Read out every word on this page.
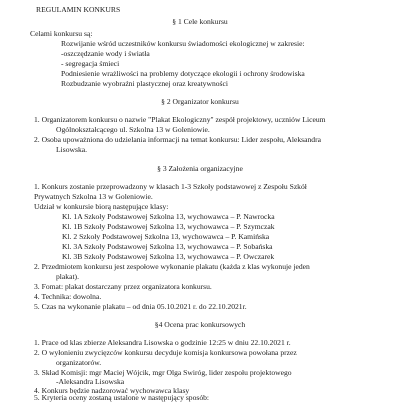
REGULAMIN KONKURS
§ 1 Cele konkursu
Celami konkursu są:
Rozwijanie wśród uczestników konkursu świadomości ekologicznej w zakresie:
-oszczędzanie wody i światła
- segregacja śmieci
Podniesienie wrażliwości na problemy dotyczące ekologii i ochrony środowiska
Rozbudzanie wyobraźni plastycznej oraz kreatywności
§ 2 Organizator konkursu
1. Organizatorem konkursu o nazwie "Plakat Ekologiczny" zespół projektowy, uczniów Liceum
Ogólnokształcącego ul. Szkolna 13 w Goleniowie.
2. Osoba upoważniona do udzielania informacji na temat konkursu: Lider zespołu, Aleksandra
Lisowska.
§ 3 Założenia organizacyjne
1. Konkurs zostanie przeprowadzony w klasach 1-3 Szkoły podstawowej z Zespołu Szkół
Prywatnych Szkolna 13 w Goleniowie.
Udział w konkursie biorą następujące klasy:
Kl. 1A Szkoły Podstawowej Szkolna 13, wychowawca – P. Nawrocka
Kl. 1B Szkoły Podstawowej Szkolna 13, wychowawca – P. Szymczak
Kl. 2 Szkoły Podstawowej Szkolna 13, wychowawca – P. Kamińska
Kl. 3A Szkoły Podstawowej Szkolna 13, wychowawca – P. Sobańska
Kl. 3B Szkoły Podstawowej Szkolna 13, wychowawca – P. Owczarek
2. Przedmiotem konkursu jest zespołowe wykonanie plakatu (każda z klas wykonuje jeden
plakat).
3. Fomat: plakat dostarczany przez organizatora konkursu.
4. Technika: dowolna.
5. Czas na wykonanie plakatu – od dnia 05.10.2021 r. do 22.10.2021r.
§4 Ocena prac konkursowych
1. Prace od klas zbierze Aleksandra Lisowska o godzinie 12:25 w dniu 22.10.2021 r.
2. O wyłonieniu zwycięzców konkursu decyduje komisja konkursowa powołana przez
organizatorów.
3. Skład Komisji: mgr Maciej Wójcik, mgr Olga Swiróg, lider zespołu projektowego
-Aleksandra Lisowska
4. Konkurs będzie nadzorować wychowawca klasy
5. Kryteria oceny zostaną ustalone w następujący sposób:
